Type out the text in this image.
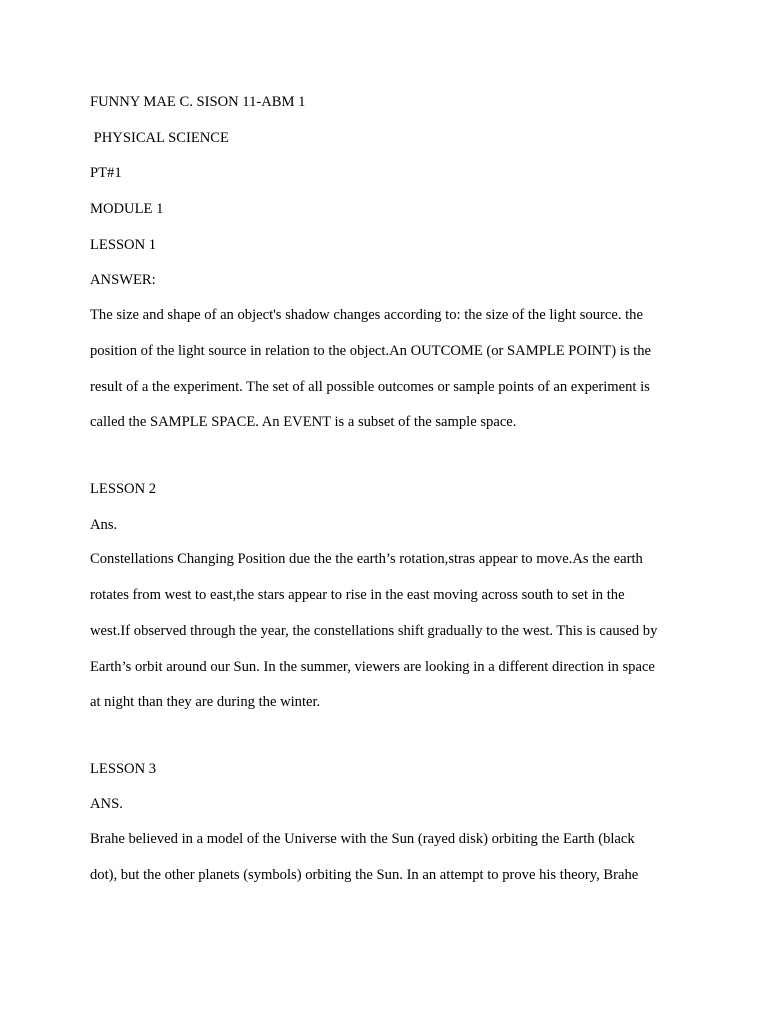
FUNNY MAE C. SISON 11-ABM 1

PHYSICAL SCIENCE

PT#1

MODULE 1

LESSON 1

ANSWER:

The size and shape of an object's shadow changes according to: the size of the light source. the
position of the light source in relation to the object.An OUTCOME (or SAMPLE POINT) is the
result of a the experiment. The set of all possible outcomes or sample points of an experiment is
called the SAMPLE SPACE. An EVENT is a subset of the sample space.

LESSON 2

Ans.

Constellations Changing Position due the the earth’s rotation,stras appear to move.As the earth
rotates from west to east,the stars appear to rise in the east moving across south to set in the
west.If observed through the year, the constellations shift gradually to the west. This is caused by
Earth’s orbit around our Sun. In the summer, viewers are looking in a different direction in space
at night than they are during the winter.

LESSON 3

ANS.

Brahe believed in a model of the Universe with the Sun (rayed disk) orbiting the Earth (black
dot), but the other planets (symbols) orbiting the Sun. In an attempt to prove his theory, Brahe
